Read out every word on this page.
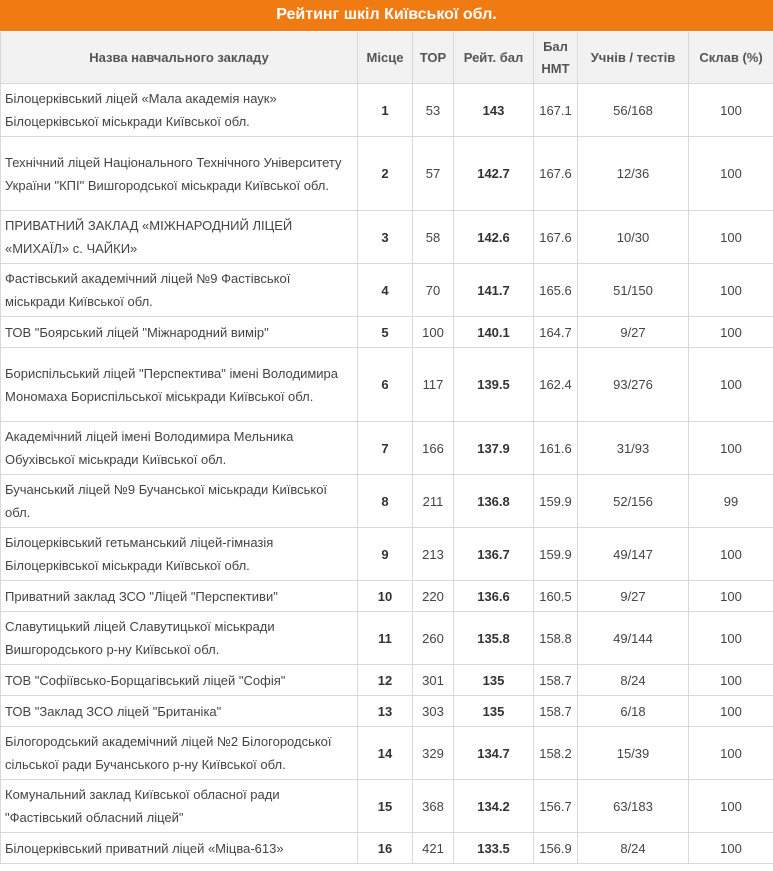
Рейтинг шкіл Київської обл.
Назва навчального закладу	Місце	ТОР	Рейт. бал	Бал НМТ	Учнів / тестів	Склав (%)
Білоцерківський ліцей «Мала академія наук» Білоцерківської міськради Київської обл.	1	53	143	167.1	56/168	100
Технічний ліцей Національного Технічного Університету України "КПІ" Вишгородської міськради Київської обл.	2	57	142.7	167.6	12/36	100
ПРИВАТНИЙ ЗАКЛАД «МІЖНАРОДНИЙ ЛІЦЕЙ «МИХАЇЛ» с. ЧАЙКИ»	3	58	142.6	167.6	10/30	100
Фастівський академічний ліцей №9 Фастівської міськради Київської обл.	4	70	141.7	165.6	51/150	100
ТОВ "Боярський ліцей "Міжнародний вимір"	5	100	140.1	164.7	9/27	100
Бориспільський ліцей "Перспектива" імені Володимира Мономаха Бориспільської міськради Київської обл.	6	117	139.5	162.4	93/276	100
Академічний ліцей імені Володимира Мельника Обухівської міськради Київської обл.	7	166	137.9	161.6	31/93	100
Бучанський ліцей №9 Бучанської міськради Київської обл.	8	211	136.8	159.9	52/156	99
Білоцерківський гетьманський ліцей-гімназія Білоцерківської міськради Київської обл.	9	213	136.7	159.9	49/147	100
Приватний заклад ЗСО "Ліцей "Перспективи"	10	220	136.6	160.5	9/27	100
Славутицький ліцей Славутицької міськради Вишгородського р-ну Київської обл.	11	260	135.8	158.8	49/144	100
ТОВ "Софіївсько-Борщагівський ліцей "Софія"	12	301	135	158.7	8/24	100
ТОВ "Заклад ЗСО ліцей "Британіка"	13	303	135	158.7	6/18	100
Білогородський академічний ліцей №2 Білогородської сільської ради Бучанського р-ну Київської обл.	14	329	134.7	158.2	15/39	100
Комунальний заклад Київської обласної ради "Фастівський обласний ліцей"	15	368	134.2	156.7	63/183	100
Білоцерківський приватний ліцей «Міцва-613»	16	421	133.5	156.9	8/24	100
